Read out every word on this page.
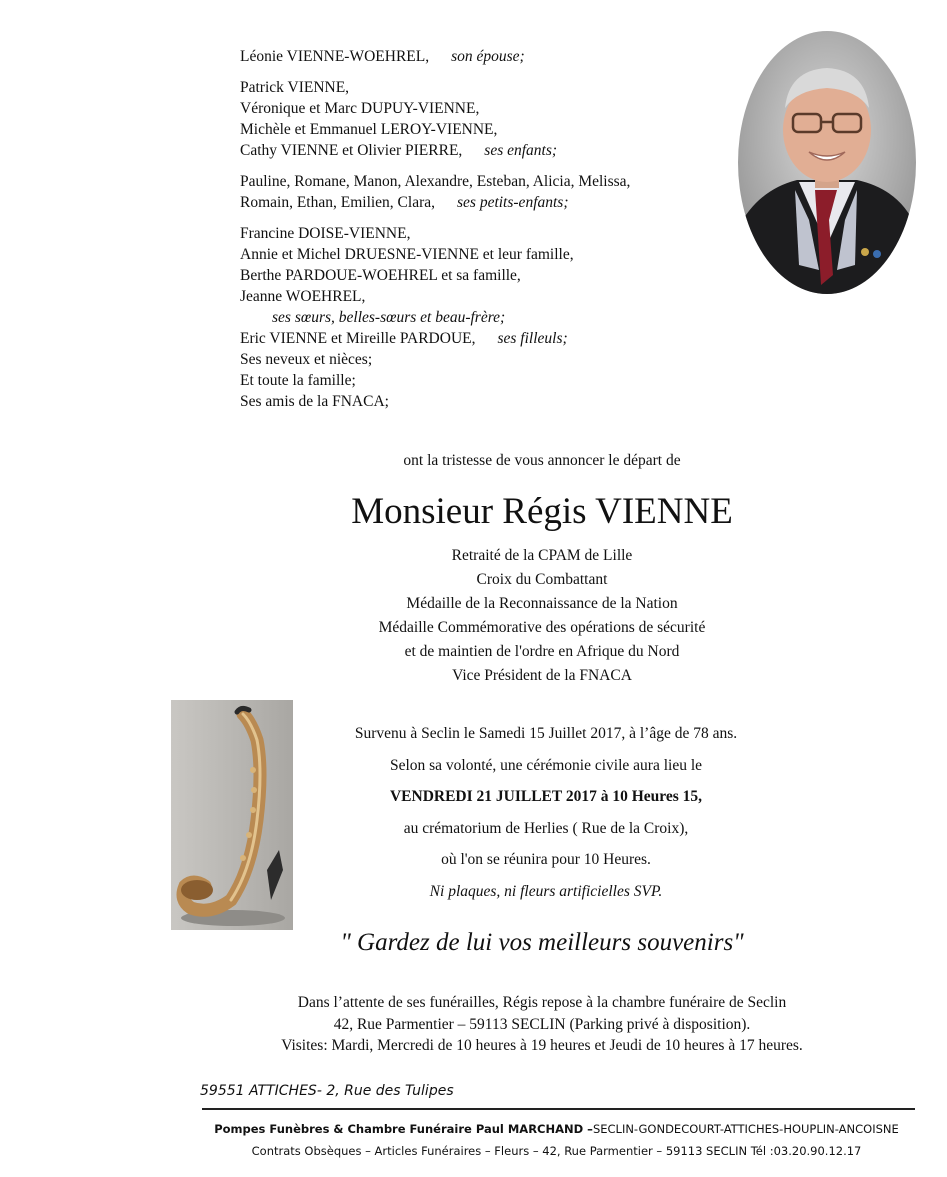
Léonie VIENNE-WOEHREL, son épouse;

Patrick VIENNE,

Véronique et Marc DUPUY-VIENNE,

Michèle et Emmanuel LEROY-VIENNE,

Cathy VIENNE et Olivier PIERRE, ses enfants;

Pauline, Romane, Manon, Alexandre, Esteban, Alicia, Melissa,

Romain, Ethan, Emilien, Clara, ses petits-enfants;

Francine DOISE-VIENNE,

Annie et Michel DRUESNE-VIENNE et leur famille,

Berthe PARDOUE-WOEHREL et sa famille,

Jeanne WOEHREL,

ses sœurs, belles-sœurs et beau-frère;

Eric VIENNE et Mireille PARDOUE, ses filleuls;

Ses neveux et nièces;

Et toute la famille;

Ses amis de la FNACA;

ont la tristesse de vous annoncer le départ de
Monsieur Régis VIENNE

Retraité de la CPAM de Lille

Croix du Combattant

Médaille de la Reconnaissance de la Nation

Médaille Commémorative des opérations de sécurité

et de maintien de l'ordre en Afrique du Nord

Vice Président de la FNACA

Survenu à Seclin le Samedi 15 Juillet 2017, à l’âge de 78 ans.

Selon sa volonté, une cérémonie civile aura lieu le

VENDREDI 21 JUILLET 2017 à 10 Heures 15,

au crématorium de Herlies ( Rue de la Croix),

où l'on se réunira pour 10 Heures.

Ni plaques, ni fleurs artificielles SVP.

" Gardez de lui vos meilleurs souvenirs"

Dans l’attente de ses funérailles, Régis repose à la chambre funéraire de Seclin

42, Rue Parmentier – 59113 SECLIN (Parking privé à disposition).

Visites: Mardi, Mercredi de 10 heures à 19 heures et Jeudi de 10 heures à 17 heures.

59551 ATTICHES- 2, Rue des Tulipes

Pompes Funèbres & Chambre Funéraire Paul MARCHAND –SECLIN-GONDECOURT-ATTICHES-HOUPLIN-ANCOISNE

Contrats Obsèques – Articles Funéraires – Fleurs – 42, Rue Parmentier – 59113 SECLIN Tél :03.20.90.12.17
